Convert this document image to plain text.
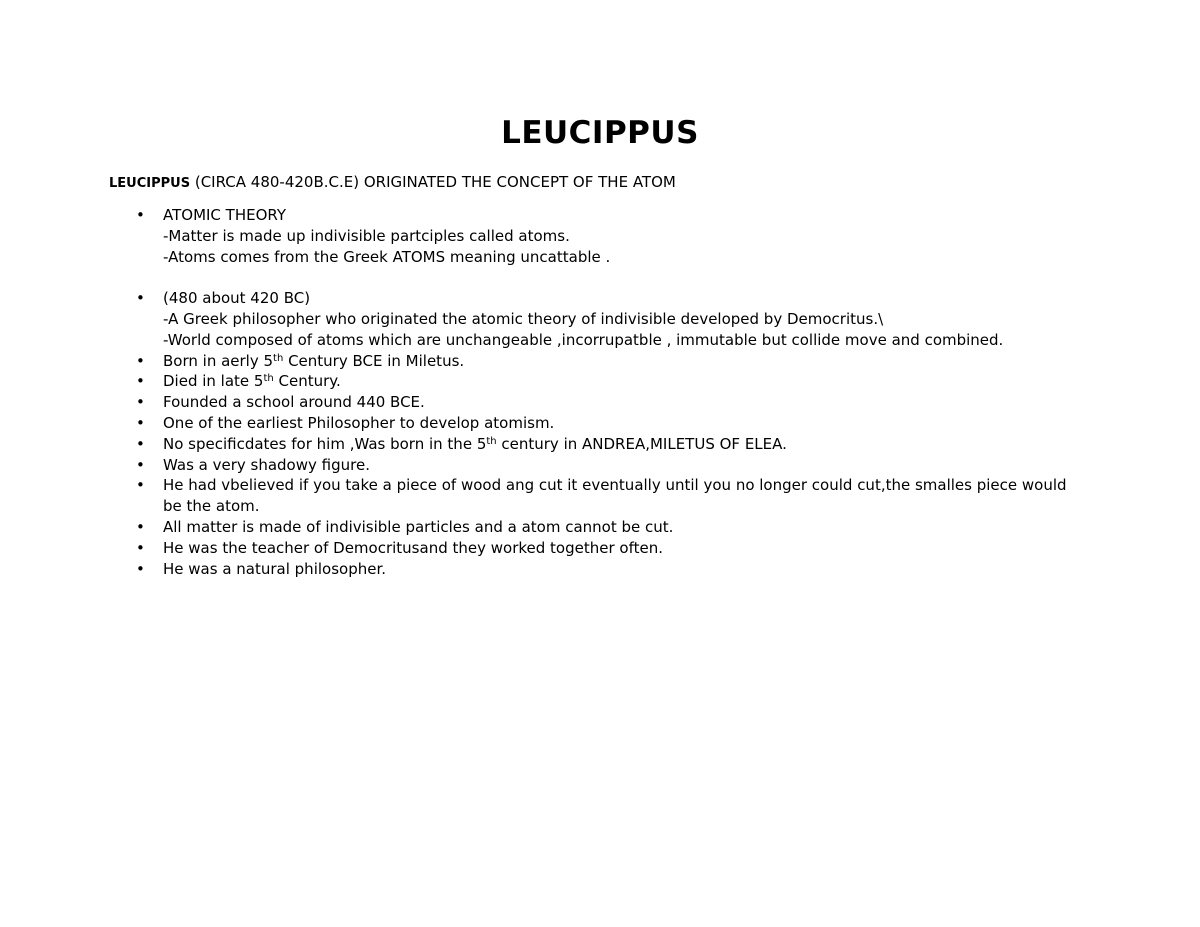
LEUCIPPUS
LEUCIPPUS (CIRCA 480-420B.C.E) ORIGINATED THE CONCEPT OF THE ATOM
• ATOMIC THEORY
-Matter is made up indivisible partciples called atoms.
-Atoms comes from the Greek ATOMS meaning uncattable .
• (480 about 420 BC)
-A Greek philosopher who originated the atomic theory of indivisible developed by Democritus.\
-World composed of atoms which are unchangeable ,incorrupatble , immutable but collide move and combined.
• Born in aerly 5th Century BCE in Miletus.
• Died in late 5th Century.
• Founded a school around 440 BCE.
• One of the earliest Philosopher to develop atomism.
• No specificdates for him ,Was born in the 5th century in ANDREA,MILETUS OF ELEA.
• Was a very shadowy figure.
• He had vbelieved if you take a piece of wood ang cut it eventually until you no longer could cut,the smalles piece would be the atom.
• All matter is made of indivisible particles and a atom cannot be cut.
• He was the teacher of Democritusand they worked together often.
• He was a natural philosopher.
